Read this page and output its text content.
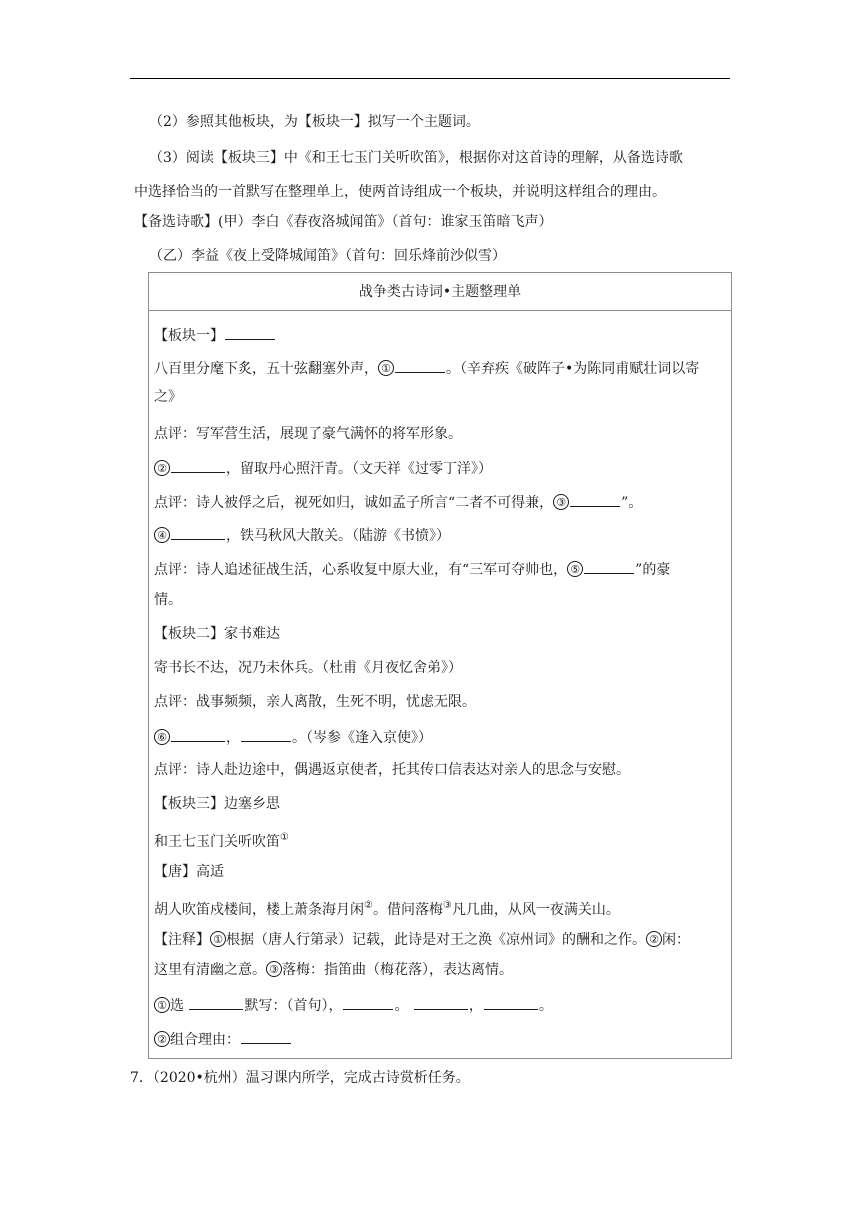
（2）参照其他板块，为【板块一】拟写一个主题词。
（3）阅读【板块三】中《和王七玉门关听吹笛》，根据你对这首诗的理解，从备选诗歌
中选择恰当的一首默写在整理单上，使两首诗组成一个板块，并说明这样组合的理由。
【备选诗歌】(甲）李白《春夜洛城闻笛》（首句：谁家玉笛暗飞声）
（乙）李益《夜上受降城闻笛》（首句：回乐烽前沙似雪）
战争类古诗词•主题整理单
【板块一】
八百里分麾下炙，五十弦翻塞外声， ①	。（辛弃疾《破阵子•为陈同甫赋壮词以寄
之》
点评：写军营生活，展现了豪气满怀的将军形象。
②	，留取丹心照汗青。（文天祥《过零丁洋》）
点评：诗人被俘之后，视死如归，诚如孟子所言“二者不可得兼， ③	”。
④	，铁马秋风大散关。（陆游《书愤》）
点评：诗人追述征战生活，心系收复中原大业，有“三军可夺帅也， ⑤	”的豪
情。
【板块二】家书难达
寄书长不达，况乃未休兵。（杜甫《月夜忆舍弟》）
点评：战事频频，亲人离散，生死不明，忧虑无限。
⑥	，	。（岑参《逢入京使》）
点评：诗人赴边途中，偶遇返京使者，托其传口信表达对亲人的思念与安慰。
【板块三】边塞乡思
和王七玉门关听吹笛①
【唐】高适
胡人吹笛戍楼间，楼上萧条海月闲②。借问落梅③凡几曲，从风一夜满关山。
【注释】 ① 根据（唐人行第录）记载，此诗是对王之涣《凉州词》的酬和之作。 ② 闲：
这里有清幽之意。 ③ 落梅：指笛曲（梅花落），表达离情。
① 选	默写：（首句），	。	，	。
② 组合理由：
7．（2020•杭州）温习课内所学，完成古诗赏析任务。
